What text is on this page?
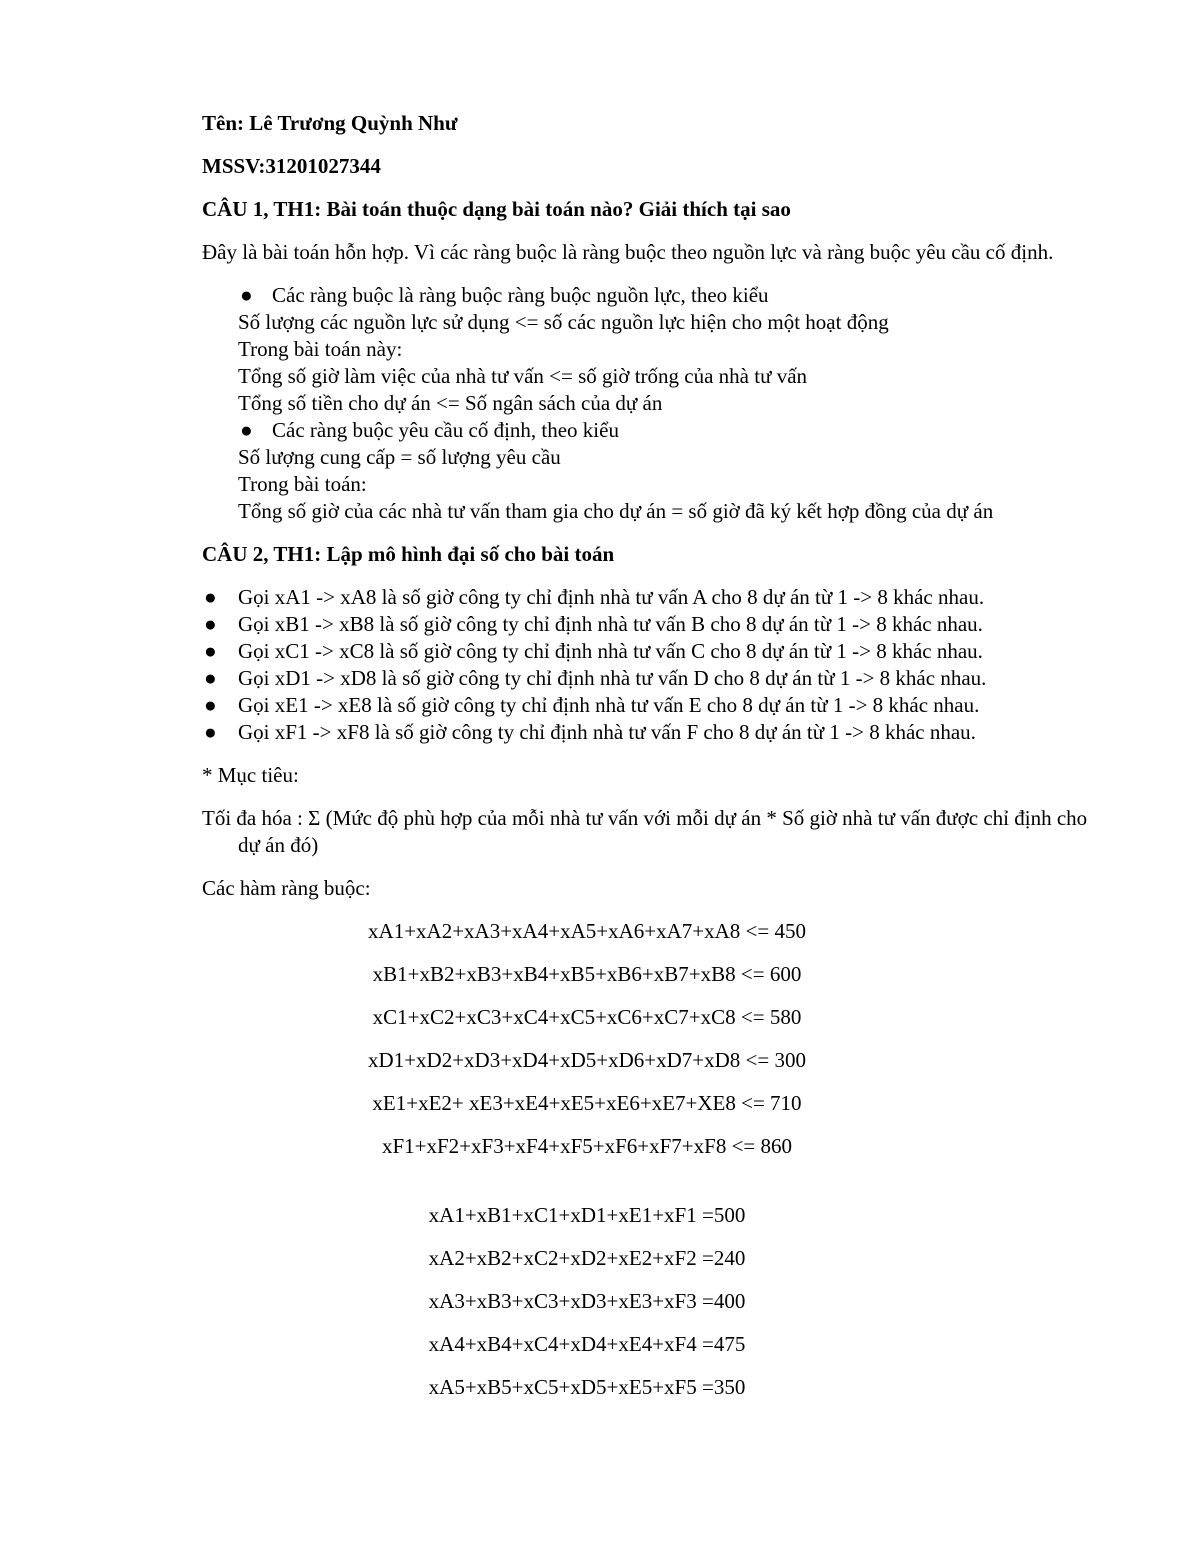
Tên: Lê Trương Quỳnh Như

MSSV:31201027344

CÂU 1, TH1: Bài toán thuộc dạng bài toán nào? Giải thích tại sao

Đây là bài toán hỗn hợp. Vì các ràng buộc là ràng buộc theo nguồn lực và ràng buộc yêu cầu cố định.

● Các ràng buộc là ràng buộc ràng buộc nguồn lực, theo kiểu

Số lượng các nguồn lực sử dụng <= số các nguồn lực hiện cho một hoạt động

Trong bài toán này:

Tổng số giờ làm việc của nhà tư vấn <= số giờ trống của nhà tư vấn

Tổng số tiền cho dự án <= Số ngân sách của dự án

● Các ràng buộc yêu cầu cố định, theo kiểu

Số lượng cung cấp = số lượng yêu cầu

Trong bài toán:

Tổng số giờ của các nhà tư vấn tham gia cho dự án = số giờ đã ký kết hợp đồng của dự án

CÂU 2, TH1: Lập mô hình đại số cho bài toán

● Gọi xA1 -> xA8 là số giờ công ty chỉ định nhà tư vấn A cho 8 dự án từ 1 -> 8 khác nhau.

● Gọi xB1 -> xB8 là số giờ công ty chỉ định nhà tư vấn B cho 8 dự án từ 1 -> 8 khác nhau.

● Gọi xC1 -> xC8 là số giờ công ty chỉ định nhà tư vấn C cho 8 dự án từ 1 -> 8 khác nhau.

● Gọi xD1 -> xD8 là số giờ công ty chỉ định nhà tư vấn D cho 8 dự án từ 1 -> 8 khác nhau.

● Gọi xE1 -> xE8 là số giờ công ty chỉ định nhà tư vấn E cho 8 dự án từ 1 -> 8 khác nhau.

● Gọi xF1 -> xF8 là số giờ công ty chỉ định nhà tư vấn F cho 8 dự án từ 1 -> 8 khác nhau.

* Mục tiêu:

Tối đa hóa : Σ (Mức độ phù hợp của mỗi nhà tư vấn với mỗi dự án * Số giờ nhà tư vấn được chỉ định cho dự án đó)

Các hàm ràng buộc:

xA1+xA2+xA3+xA4+xA5+xA6+xA7+xA8 <= 450

xB1+xB2+xB3+xB4+xB5+xB6+xB7+xB8 <= 600

xC1+xC2+xC3+xC4+xC5+xC6+xC7+xC8 <= 580

xD1+xD2+xD3+xD4+xD5+xD6+xD7+xD8 <= 300

xE1+xE2+ xE3+xE4+xE5+xE6+xE7+XE8 <= 710

xF1+xF2+xF3+xF4+xF5+xF6+xF7+xF8 <= 860

xA1+xB1+xC1+xD1+xE1+xF1 =500

xA2+xB2+xC2+xD2+xE2+xF2 =240

xA3+xB3+xC3+xD3+xE3+xF3 =400

xA4+xB4+xC4+xD4+xE4+xF4 =475

xA5+xB5+xC5+xD5+xE5+xF5 =350
